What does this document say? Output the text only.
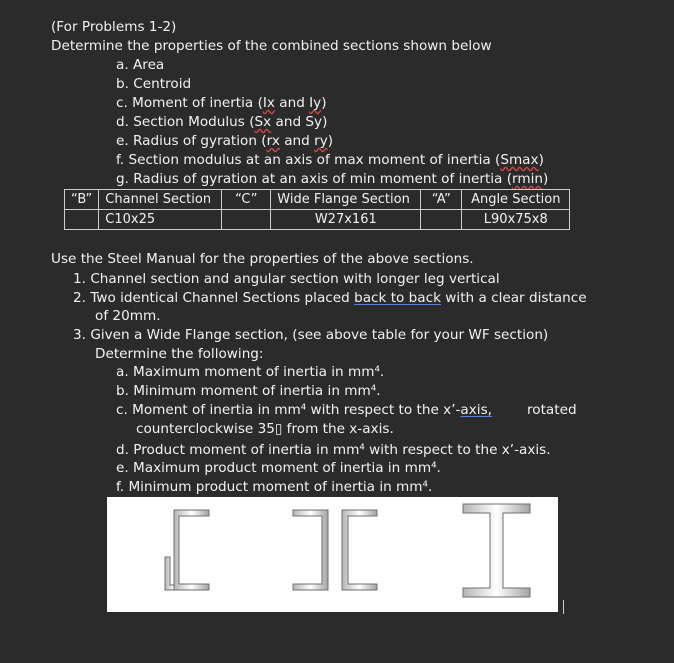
(For Problems 1-2)
Determine the properties of the combined sections shown below
a. Area
b. Centroid
c. Moment of inertia (Ix and Iy)
d. Section Modulus (Sx and Sy)
e. Radius of gyration (rx and ry)
f. Section modulus at an axis of max moment of inertia (Smax)
g. Radius of gyration at an axis of min moment of inertia (rmin)
“B”	Channel Section	“C”	Wide Flange Section	“A”	Angle Section
	C10x25		W27x161		L90x75x8
Use the Steel Manual for the properties of the above sections.
1. Channel section and angular section with longer leg vertical
2. Two identical Channel Sections placed back to back with a clear distance
of 20mm.
3. Given a Wide Flange section, (see above table for your WF section)
Determine the following:
a. Maximum moment of inertia in mm⁴.
b. Minimum moment of inertia in mm⁴.
c. Moment of inertia in mm⁴ with respect to the x’-axis,	rotated
counterclockwise 35▯ from the x-axis.
d. Product moment of inertia in mm⁴ with respect to the x’-axis.
e. Maximum product moment of inertia in mm⁴.
f. Minimum product moment of inertia in mm⁴.
